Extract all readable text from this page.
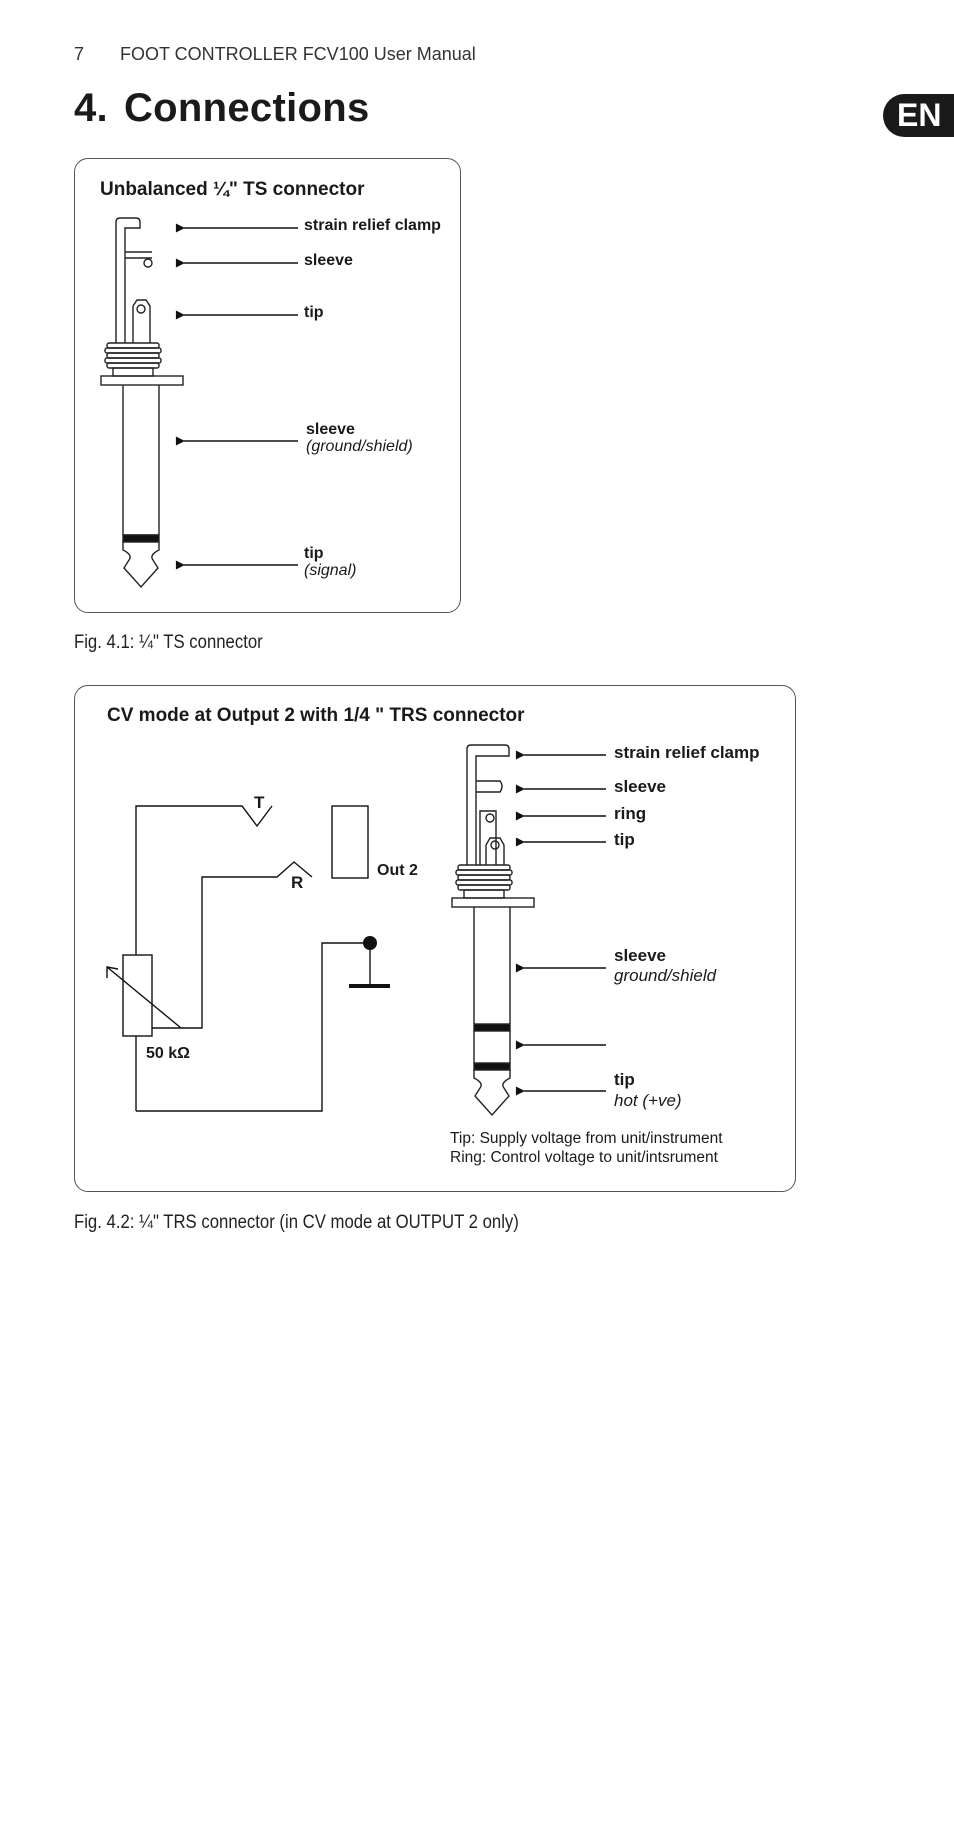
7 FOOT CONTROLLER FCV100 User Manual
4. Connections	EN
Unbalanced ¼" TS connector
CV mode at Output 2 with 1/4 " TRS connector
strain relief clamp
sleeve
tip
sleeve
(ground/shield)
tip
(signal)
Fig. 4.1: ¼" TS connector
T
R
Out 2
50 kΩ
strain relief clamp
sleeve
ring
tip
sleeve
ground/shield
tip
hot (+ve)
Tip: Supply voltage from unit/instrument
Ring: Control voltage to unit/intsrument
Fig. 4.2: ¼" TRS connector (in CV mode at OUTPUT 2 only)
